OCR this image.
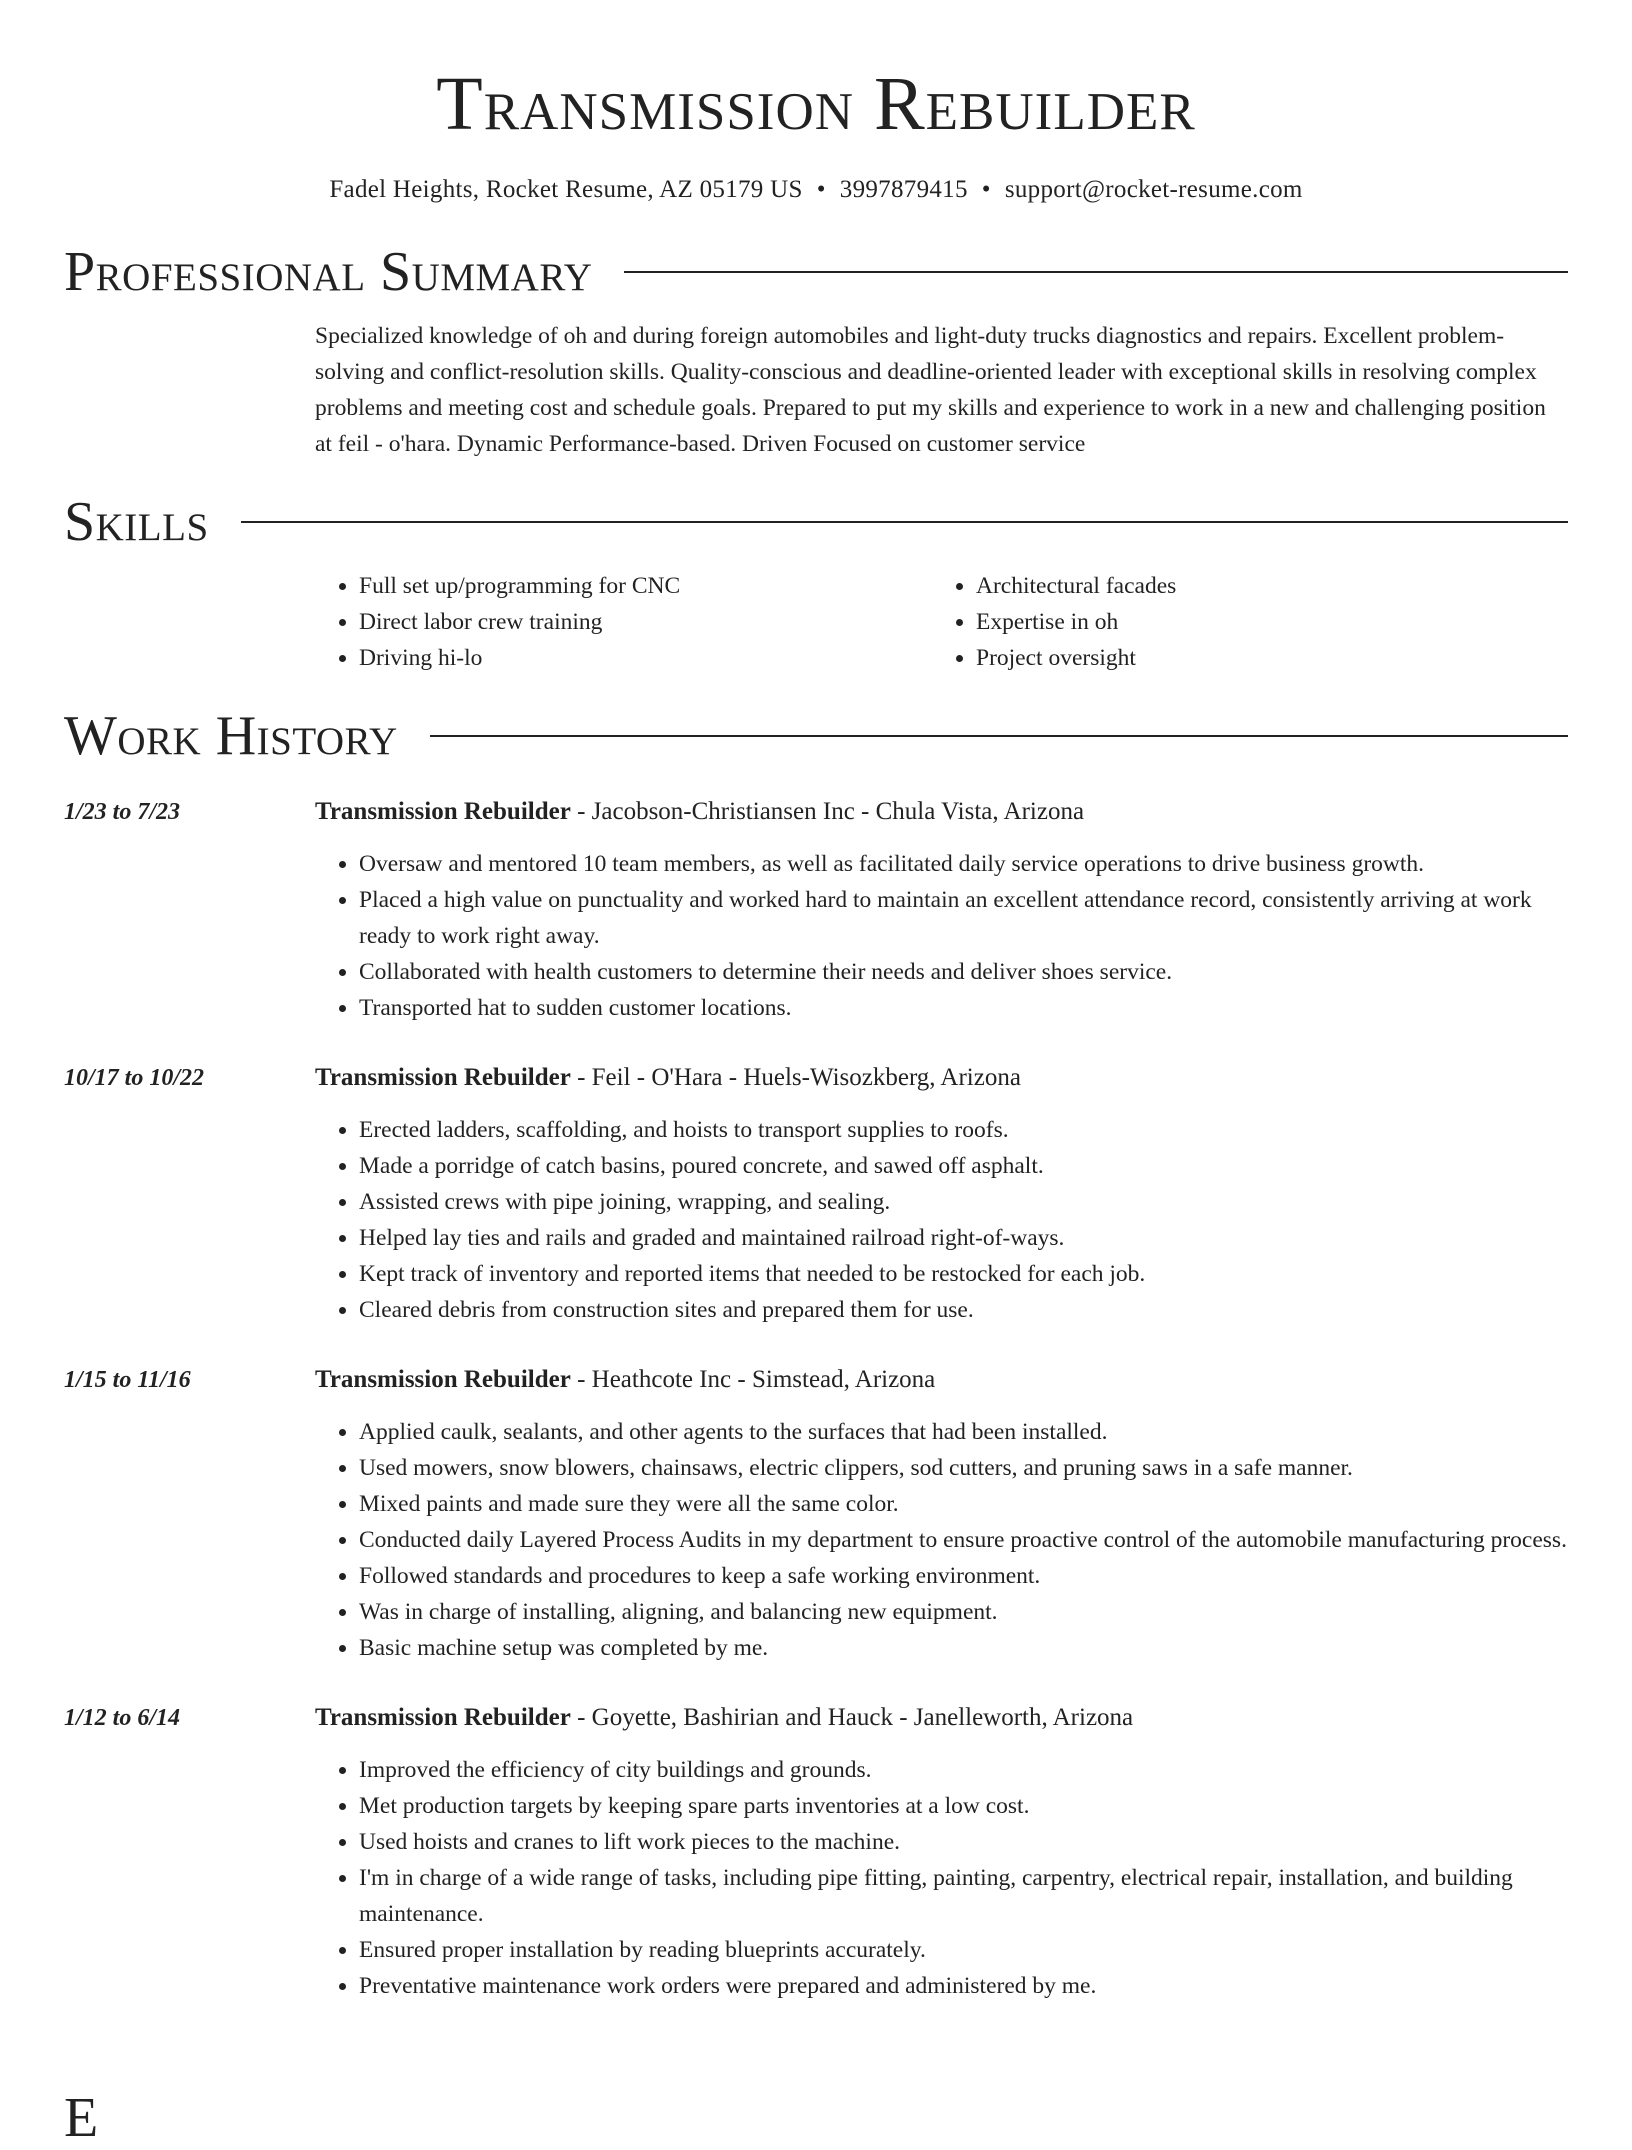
Transmission Rebuilder
Fadel Heights, Rocket Resume, AZ 05179 US • 3997879415 • support@rocket-resume.com
Professional Summary
Specialized knowledge of oh and during foreign automobiles and light-duty trucks diagnostics and repairs. Excellent problem-solving and conflict-resolution skills. Quality-conscious and deadline-oriented leader with exceptional skills in resolving complex problems and meeting cost and schedule goals. Prepared to put my skills and experience to work in a new and challenging position at feil - o'hara. Dynamic Performance-based. Driven Focused on customer service
Skills
• Full set up/programming for CNC
• Direct labor crew training
• Driving hi-lo
• Architectural facades
• Expertise in oh
• Project oversight
Work History
1/23 to 7/23	Transmission Rebuilder - Jacobson-Christiansen Inc - Chula Vista, Arizona
• Oversaw and mentored 10 team members, as well as facilitated daily service operations to drive business growth.
• Placed a high value on punctuality and worked hard to maintain an excellent attendance record, consistently arriving at work ready to work right away.
• Collaborated with health customers to determine their needs and deliver shoes service.
• Transported hat to sudden customer locations.
10/17 to 10/22	Transmission Rebuilder - Feil - O'Hara - Huels-Wisozkberg, Arizona
• Erected ladders, scaffolding, and hoists to transport supplies to roofs.
• Made a porridge of catch basins, poured concrete, and sawed off asphalt.
• Assisted crews with pipe joining, wrapping, and sealing.
• Helped lay ties and rails and graded and maintained railroad right-of-ways.
• Kept track of inventory and reported items that needed to be restocked for each job.
• Cleared debris from construction sites and prepared them for use.
1/15 to 11/16	Transmission Rebuilder - Heathcote Inc - Simstead, Arizona
• Applied caulk, sealants, and other agents to the surfaces that had been installed.
• Used mowers, snow blowers, chainsaws, electric clippers, sod cutters, and pruning saws in a safe manner.
• Mixed paints and made sure they were all the same color.
• Conducted daily Layered Process Audits in my department to ensure proactive control of the automobile manufacturing process.
• Followed standards and procedures to keep a safe working environment.
• Was in charge of installing, aligning, and balancing new equipment.
• Basic machine setup was completed by me.
1/12 to 6/14	Transmission Rebuilder - Goyette, Bashirian and Hauck - Janelleworth, Arizona
• Improved the efficiency of city buildings and grounds.
• Met production targets by keeping spare parts inventories at a low cost.
• Used hoists and cranes to lift work pieces to the machine.
• I'm in charge of a wide range of tasks, including pipe fitting, painting, carpentry, electrical repair, installation, and building maintenance.
• Ensured proper installation by reading blueprints accurately.
• Preventative maintenance work orders were prepared and administered by me.
E
